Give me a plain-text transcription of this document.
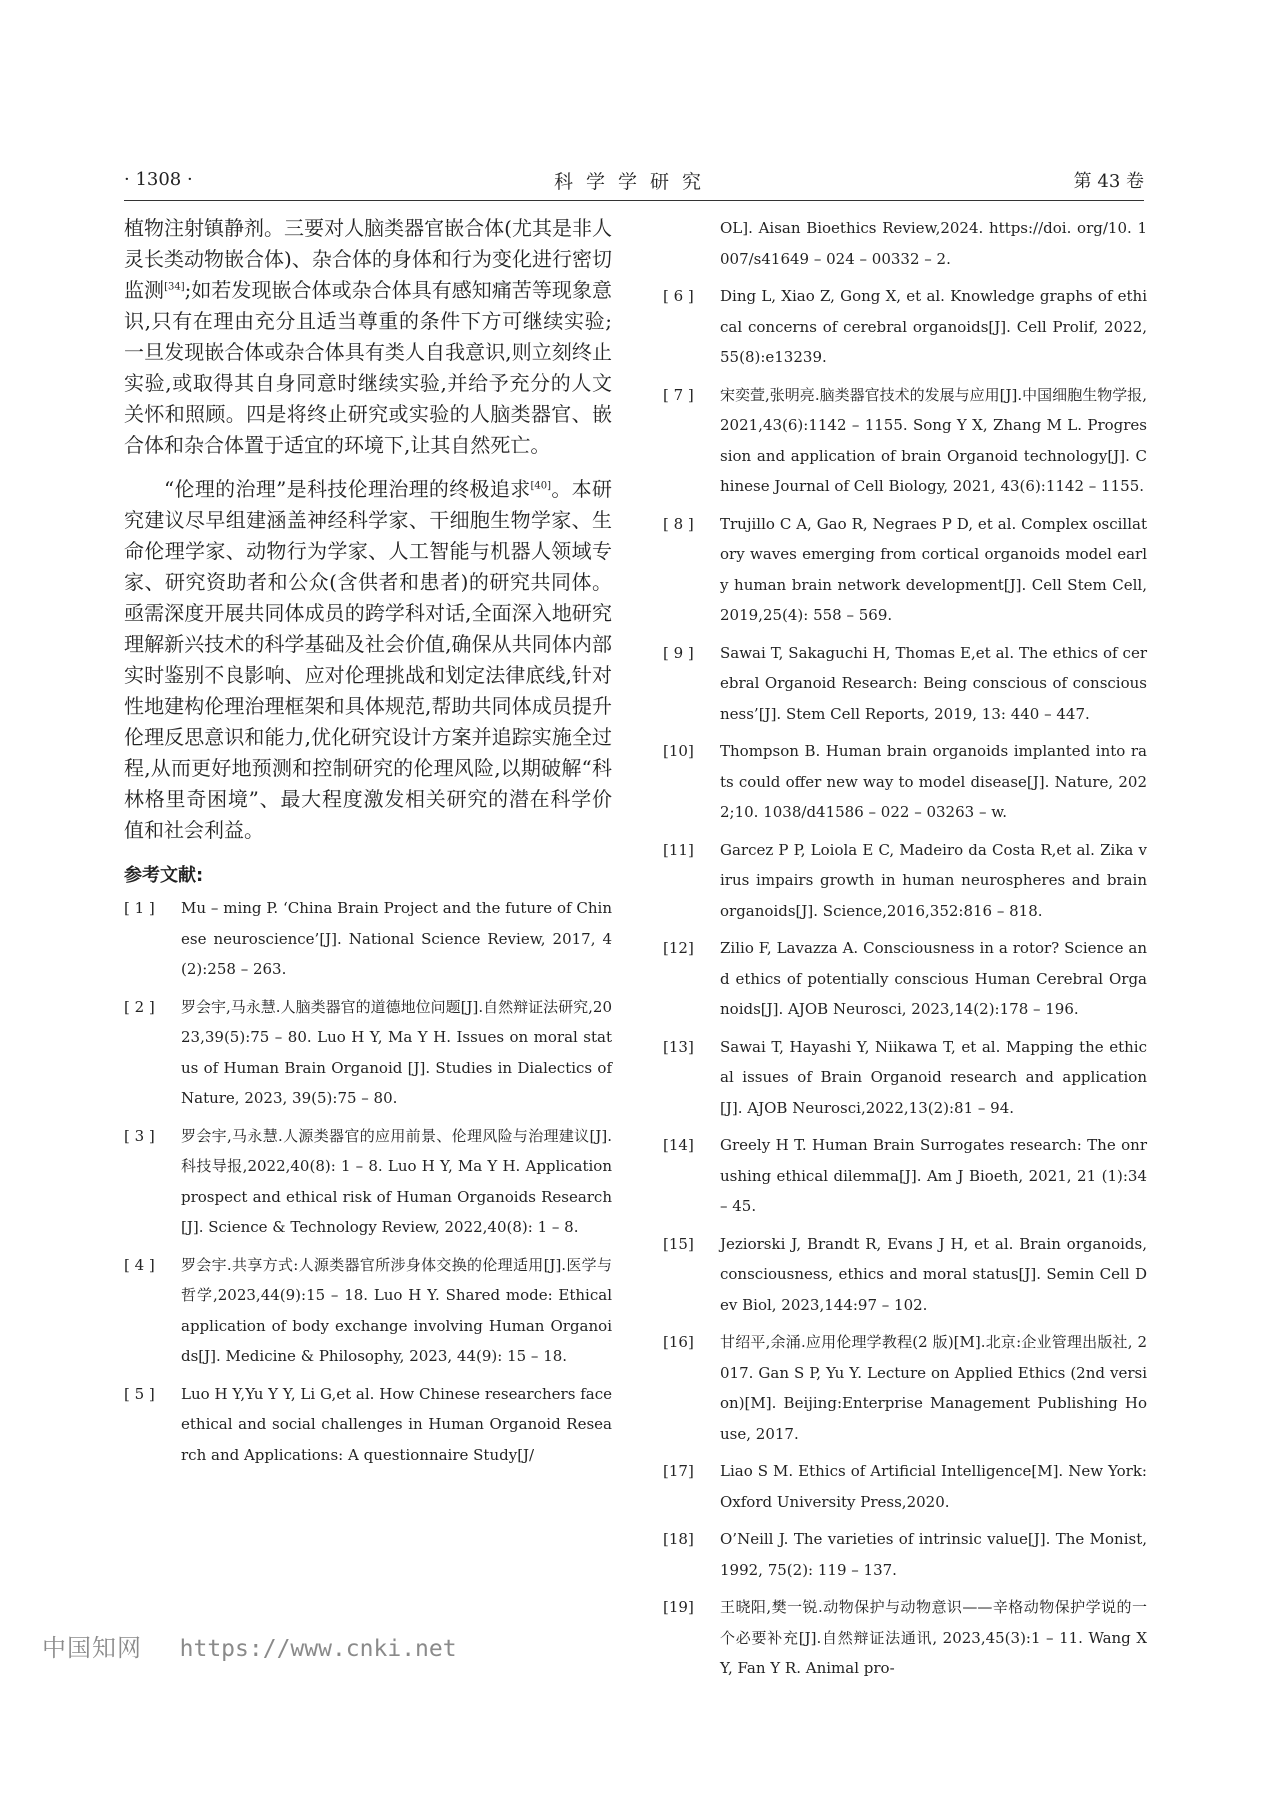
· 1308 ·	科学学研究	第 43 卷

植物注射镇静剂。三要对人脑类器官嵌合体(尤其是非人灵长类动物嵌合体)、杂合体的身体和行为变化进行密切监测[34];如若发现嵌合体或杂合体具有感知痛苦等现象意识,只有在理由充分且适当尊重的条件下方可继续实验;一旦发现嵌合体或杂合体具有类人自我意识,则立刻终止实验,或取得其自身同意时继续实验,并给予充分的人文关怀和照顾。四是将终止研究或实验的人脑类器官、嵌合体和杂合体置于适宜的环境下,让其自然死亡。

“伦理的治理”是科技伦理治理的终极追求[40]。本研究建议尽早组建涵盖神经科学家、干细胞生物学家、生命伦理学家、动物行为学家、人工智能与机器人领域专家、研究资助者和公众(含供者和患者)的研究共同体。亟需深度开展共同体成员的跨学科对话,全面深入地研究理解新兴技术的科学基础及社会价值,确保从共同体内部实时鉴别不良影响、应对伦理挑战和划定法律底线,针对性地建构伦理治理框架和具体规范,帮助共同体成员提升伦理反思意识和能力,优化研究设计方案并追踪实施全过程,从而更好地预测和控制研究的伦理风险,以期破解“科林格里奇困境”、最大程度激发相关研究的潜在科学价值和社会利益。

参考文献:
[ 1 ]	Mu – ming P. ‘China Brain Project and the future of Chinese neuroscience’[J]. National Science Review, 2017, 4(2):258 – 263.
[ 2 ]	罗会宇,马永慧.人脑类器官的道德地位问题[J].自然辩证法研究,2023,39(5):75 – 80. Luo H Y, Ma Y H. Issues on moral status of Human Brain Organoid [J]. Studies in Dialectics of Nature, 2023, 39(5):75 – 80.
[ 3 ]	罗会宇,马永慧.人源类器官的应用前景、伦理风险与治理建议[J].科技导报,2022,40(8): 1 – 8. Luo H Y, Ma Y H. Application prospect and ethical risk of Human Organoids Research[J]. Science & Technology Review, 2022,40(8): 1 – 8.
[ 4 ]	罗会宇.共享方式:人源类器官所涉身体交换的伦理适用[J].医学与哲学,2023,44(9):15 – 18. Luo H Y. Shared mode: Ethical application of body exchange involving Human Organoids[J]. Medicine & Philosophy, 2023, 44(9): 15 – 18.
[ 5 ]	Luo H Y,Yu Y Y, Li G,et al. How Chinese researchers face ethical and social challenges in Human Organoid Research and Applications: A questionnaire Study[J/
OL]. Aisan Bioethics Review,2024. https://doi. org/10. 1007/s41649 – 024 – 00332 – 2.
[ 6 ]	Ding L, Xiao Z, Gong X, et al. Knowledge graphs of ethical concerns of cerebral organoids[J]. Cell Prolif, 2022,55(8):e13239.
[ 7 ]	宋奕萱,张明亮.脑类器官技术的发展与应用[J].中国细胞生物学报,2021,43(6):1142 – 1155. Song Y X, Zhang M L. Progression and application of brain Organoid technology[J]. Chinese Journal of Cell Biology, 2021, 43(6):1142 – 1155.
[ 8 ]	Trujillo C A, Gao R, Negraes P D, et al. Complex oscillatory waves emerging from cortical organoids model early human brain network development[J]. Cell Stem Cell, 2019,25(4): 558 – 569.
[ 9 ]	Sawai T, Sakaguchi H, Thomas E,et al. The ethics of cerebral Organoid Research: Being conscious of consciousness’[J]. Stem Cell Reports, 2019, 13: 440 – 447.
[10]	Thompson B. Human brain organoids implanted into rats could offer new way to model disease[J]. Nature, 2022;10. 1038/d41586 – 022 – 03263 – w.
[11]	Garcez P P, Loiola E C, Madeiro da Costa R,et al. Zika virus impairs growth in human neurospheres and brain organoids[J]. Science,2016,352:816 – 818.
[12]	Zilio F, Lavazza A. Consciousness in a rotor? Science and ethics of potentially conscious Human Cerebral Organoids[J]. AJOB Neurosci, 2023,14(2):178 – 196.
[13]	Sawai T, Hayashi Y, Niikawa T, et al. Mapping the ethical issues of Brain Organoid research and application [J]. AJOB Neurosci,2022,13(2):81 – 94.
[14]	Greely H T. Human Brain Surrogates research: The onrushing ethical dilemma[J]. Am J Bioeth, 2021, 21 (1):34 – 45.
[15]	Jeziorski J, Brandt R, Evans J H, et al. Brain organoids, consciousness, ethics and moral status[J]. Semin Cell Dev Biol, 2023,144:97 – 102.
[16]	甘绍平,余涌.应用伦理学教程(2 版)[M].北京:企业管理出版社, 2017. Gan S P, Yu Y. Lecture on Applied Ethics (2nd version)[M]. Beijing:Enterprise Management Publishing House, 2017.
[17]	Liao S M. Ethics of Artificial Intelligence[M]. New York:Oxford University Press,2020.
[18]	O’Neill J. The varieties of intrinsic value[J]. The Monist, 1992, 75(2): 119 – 137.
[19]	王晓阳,樊一锐.动物保护与动物意识——辛格动物保护学说的一个必要补充[J].自然辩证法通讯, 2023,45(3):1 – 11. Wang X Y, Fan Y R. Animal pro-
中国知网 https://www.cnki.net
